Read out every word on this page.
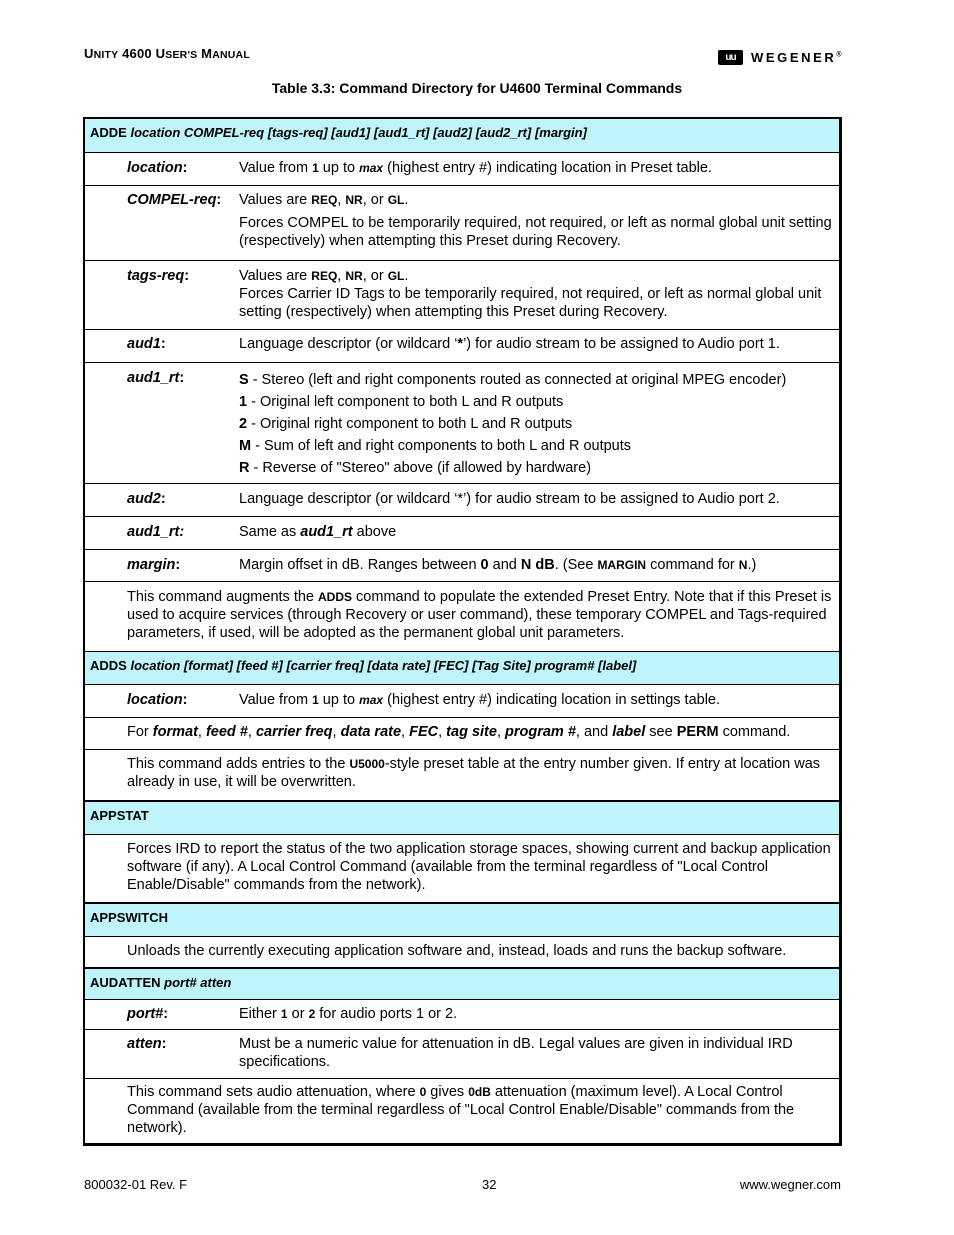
UNITY 4600 USER'S MANUAL	uu	WEGENER®
Table 3.3: Command Directory for U4600 Terminal Commands
ADDE location COMPEL-req [tags-req] [aud1] [aud1_rt] [aud2] [aud2_rt] [margin]
location:	Value from 1 up to max (highest entry #) indicating location in Preset table.
COMPEL-req: Values are REQ, NR, or GL.
Forces COMPEL to be temporarily required, not required, or left as normal global unit setting (respectively) when attempting this Preset during Recovery.
tags-req:	Values are REQ, NR, or GL.
Forces Carrier ID Tags to be temporarily required, not required, or left as normal global unit setting (respectively) when attempting this Preset during Recovery.
aud1:	Language descriptor (or wildcard ‘*’) for audio stream to be assigned to Audio port 1.
aud1_rt:	S - Stereo (left and right components routed as connected at original MPEG encoder)
1 - Original left component to both L and R outputs
2 - Original right component to both L and R outputs
M - Sum of left and right components to both L and R outputs
R - Reverse of "Stereo" above (if allowed by hardware)
aud2:	Language descriptor (or wildcard ‘*’) for audio stream to be assigned to Audio port 2.
aud1_rt:	Same as aud1_rt above
margin:	Margin offset in dB. Ranges between 0 and N dB. (See MARGIN command for N.)
This command augments the ADDS command to populate the extended Preset Entry. Note that if this Preset is used to acquire services (through Recovery or user command), these temporary COMPEL and Tags-required parameters, if used, will be adopted as the permanent global unit parameters.
ADDS location [format] [feed #] [carrier freq] [data rate] [FEC] [Tag Site] program# [label]
location:	Value from 1 up to max (highest entry #) indicating location in settings table.
For format, feed #, carrier freq, data rate, FEC, tag site, program #, and label see PERM command.
This command adds entries to the U5000-style preset table at the entry number given. If entry at location was already in use, it will be overwritten.
APPSTAT
Forces IRD to report the status of the two application storage spaces, showing current and backup application software (if any). A Local Control Command (available from the terminal regardless of "Local Control Enable/Disable" commands from the network).
APPSWITCH
Unloads the currently executing application software and, instead, loads and runs the backup software.
AUDATTEN port# atten
port#:	Either 1 or 2 for audio ports 1 or 2.
atten:	Must be a numeric value for attenuation in dB. Legal values are given in individual IRD specifications.
This command sets audio attenuation, where 0 gives 0dB attenuation (maximum level). A Local Control Command (available from the terminal regardless of "Local Control Enable/Disable" commands from the network).
800032-01 Rev. F	32	www.wegner.com
